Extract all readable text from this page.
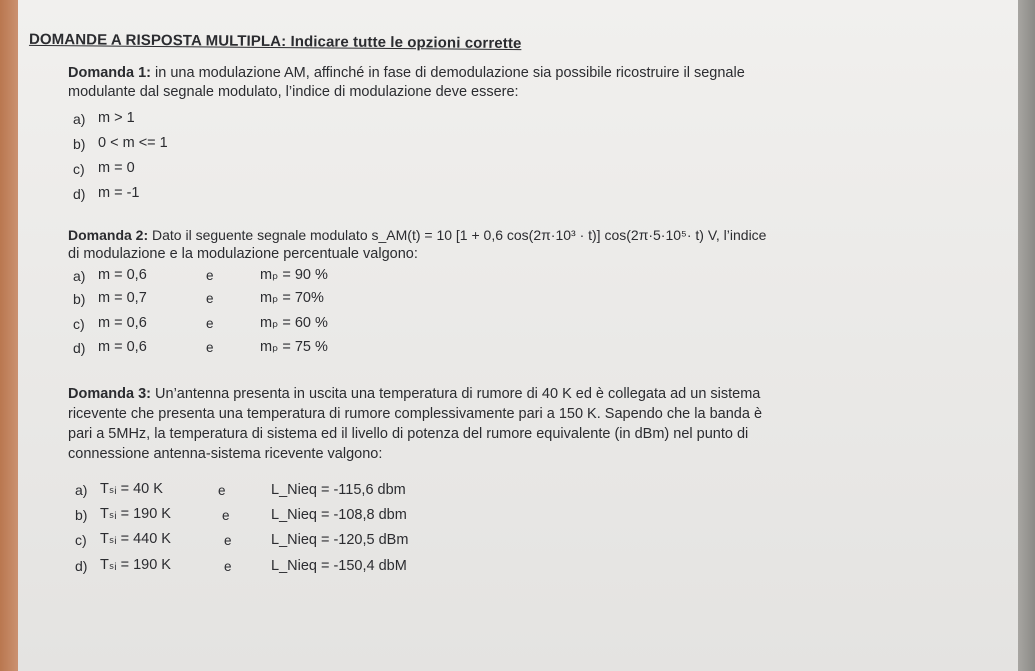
DOMANDE A RISPOSTA MULTIPLA: Indicare tutte le opzioni corrette
Domanda 1: in una modulazione AM, affinché in fase di demodulazione sia possibile ricostruire il segnale
modulante dal segnale modulato, l’indice di modulazione deve essere:
a) m > 1
b) 0 < m <= 1
c) m = 0
d) m = -1
Domanda 2: Dato il seguente segnale modulato s_AM(t) = 10 [1 + 0,6 cos(2π·10³ · t)] cos(2π·5·10⁵· t) V, l’indice
di modulazione e la modulazione percentuale valgono:
a) m = 0,6	e	mₚ = 90 %
b) m = 0,7	e	mₚ = 70%
c) m = 0,6	e	mₚ = 60 %
d) m = 0,6	e	mₚ = 75 %
Domanda 3: Un’antenna presenta in uscita una temperatura di rumore di 40 K ed è collegata ad un sistema
ricevente che presenta una temperatura di rumore complessivamente pari a 150 K. Sapendo che la banda è
pari a 5MHz, la temperatura di sistema ed il livello di potenza del rumore equivalente (in dBm) nel punto di
connessione antenna-sistema ricevente valgono:
a) Tₛᵢ = 40 K	e	L_Nieq = -115,6 dbm
b) Tₛᵢ = 190 K	e	L_Nieq = -108,8 dbm
c) Tₛᵢ = 440 K	e	L_Nieq = -120,5 dBm
d) Tₛᵢ = 190 K	e	L_Nieq = -150,4 dbM
